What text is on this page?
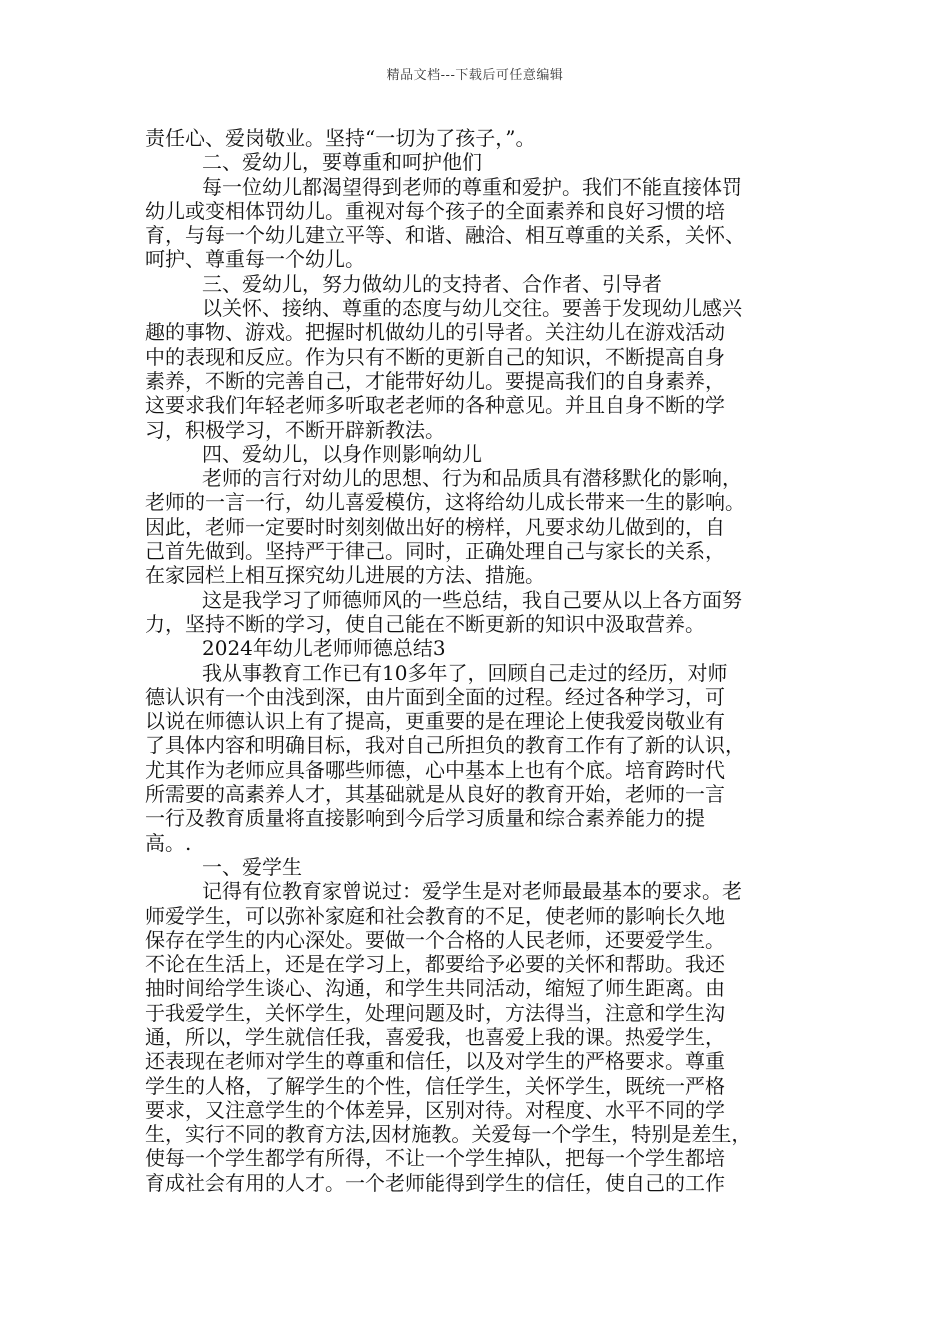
精品文档---下载后可任意编辑
责任心、爱岗敬业。坚持“一切为了孩子，”。
二、爱幼儿，要尊重和呵护他们
每一位幼儿都渴望得到老师的尊重和爱护。我们不能直接体罚
幼儿或变相体罚幼儿。重视对每个孩子的全面素养和良好习惯的培
育，与每一个幼儿建立平等、和谐、融洽、相互尊重的关系，关怀、
呵护、尊重每一个幼儿。
三、爱幼儿，努力做幼儿的支持者、合作者、引导者
以关怀、接纳、尊重的态度与幼儿交往。要善于发现幼儿感兴
趣的事物、游戏。把握时机做幼儿的引导者。关注幼儿在游戏活动
中的表现和反应。作为只有不断的更新自己的知识，不断提高自身
素养，不断的完善自己，才能带好幼儿。要提高我们的自身素养，
这要求我们年轻老师多听取老老师的各种意见。并且自身不断的学
习，积极学习，不断开辟新教法。
四、爱幼儿，以身作则影响幼儿
老师的言行对幼儿的思想、行为和品质具有潜移默化的影响，
老师的一言一行，幼儿喜爱模仿，这将给幼儿成长带来一生的影响。
因此，老师一定要时时刻刻做出好的榜样，凡要求幼儿做到的，自
己首先做到。坚持严于律己。同时，正确处理自己与家长的关系，
在家园栏上相互探究幼儿进展的方法、措施。
这是我学习了师德师风的一些总结，我自己要从以上各方面努
力，坚持不断的学习，使自己能在不断更新的知识中汲取营养。
2024年幼儿老师师德总结3
我从事教育工作已有10多年了，回顾自己走过的经历，对师
德认识有一个由浅到深，由片面到全面的过程。经过各种学习，可
以说在师德认识上有了提高，更重要的是在理论上使我爱岗敬业有
了具体内容和明确目标，我对自己所担负的教育工作有了新的认识，
尤其作为老师应具备哪些师德，心中基本上也有个底。培育跨时代
所需要的高素养人才，其基础就是从良好的教育开始，老师的一言
一行及教育质量将直接影响到今后学习质量和综合素养能力的提
高。.
一、爱学生
记得有位教育家曾说过：爱学生是对老师最最基本的要求。老
师爱学生，可以弥补家庭和社会教育的不足，使老师的影响长久地
保存在学生的内心深处。要做一个合格的人民老师，还要爱学生。
不论在生活上，还是在学习上，都要给予必要的关怀和帮助。我还
抽时间给学生谈心、沟通，和学生共同活动，缩短了师生距离。由
于我爱学生，关怀学生，处理问题及时，方法得当，注意和学生沟
通，所以，学生就信任我，喜爱我，也喜爱上我的课。热爱学生，
还表现在老师对学生的尊重和信任，以及对学生的严格要求。尊重
学生的人格，了解学生的个性，信任学生，关怀学生，既统一严格
要求，又注意学生的个体差异，区别对待。对程度、水平不同的学
生，实行不同的教育方法,因材施教。关爱每一个学生，特别是差生，
使每一个学生都学有所得，不让一个学生掉队，把每一个学生都培
育成社会有用的人才。一个老师能得到学生的信任，使自己的工作
